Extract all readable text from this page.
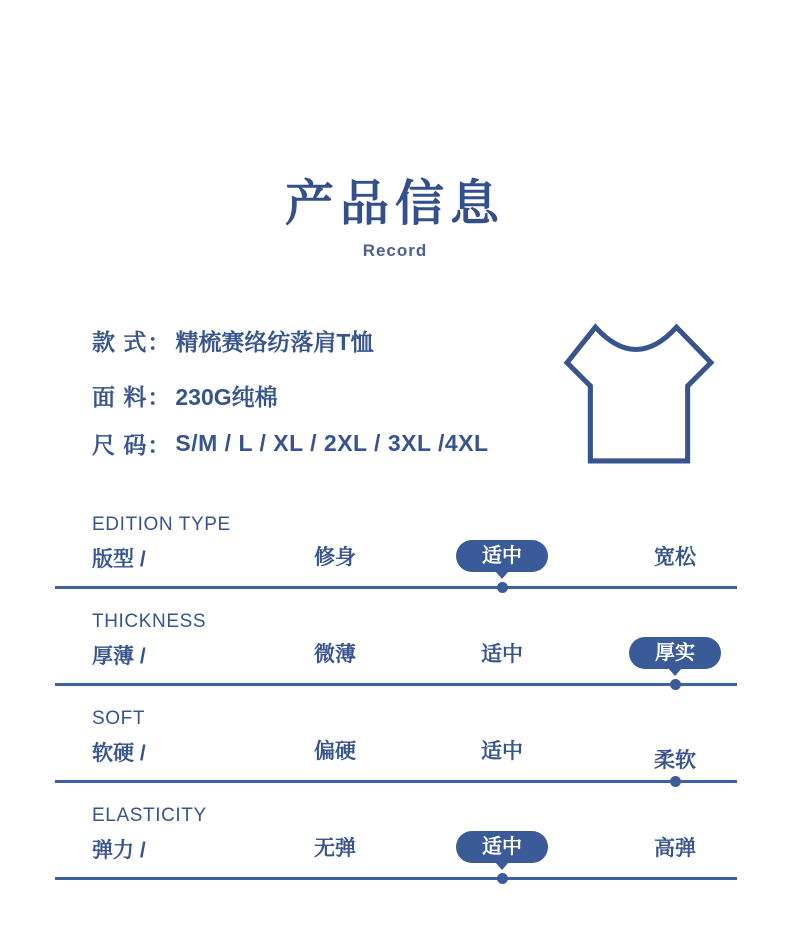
产品信息
Record
款 式： 精梳赛络纺落肩T恤
面 料： 230G纯棉
尺 码： S/M / L / XL / 2XL / 3XL /4XL
EDITION TYPE
版型 /	修身	适中	宽松
THICKNESS
厚薄 /	微薄	适中	厚实
SOFT
软硬 /	偏硬	适中	柔软
ELASTICITY
弹力 /	无弹	适中	高弹
